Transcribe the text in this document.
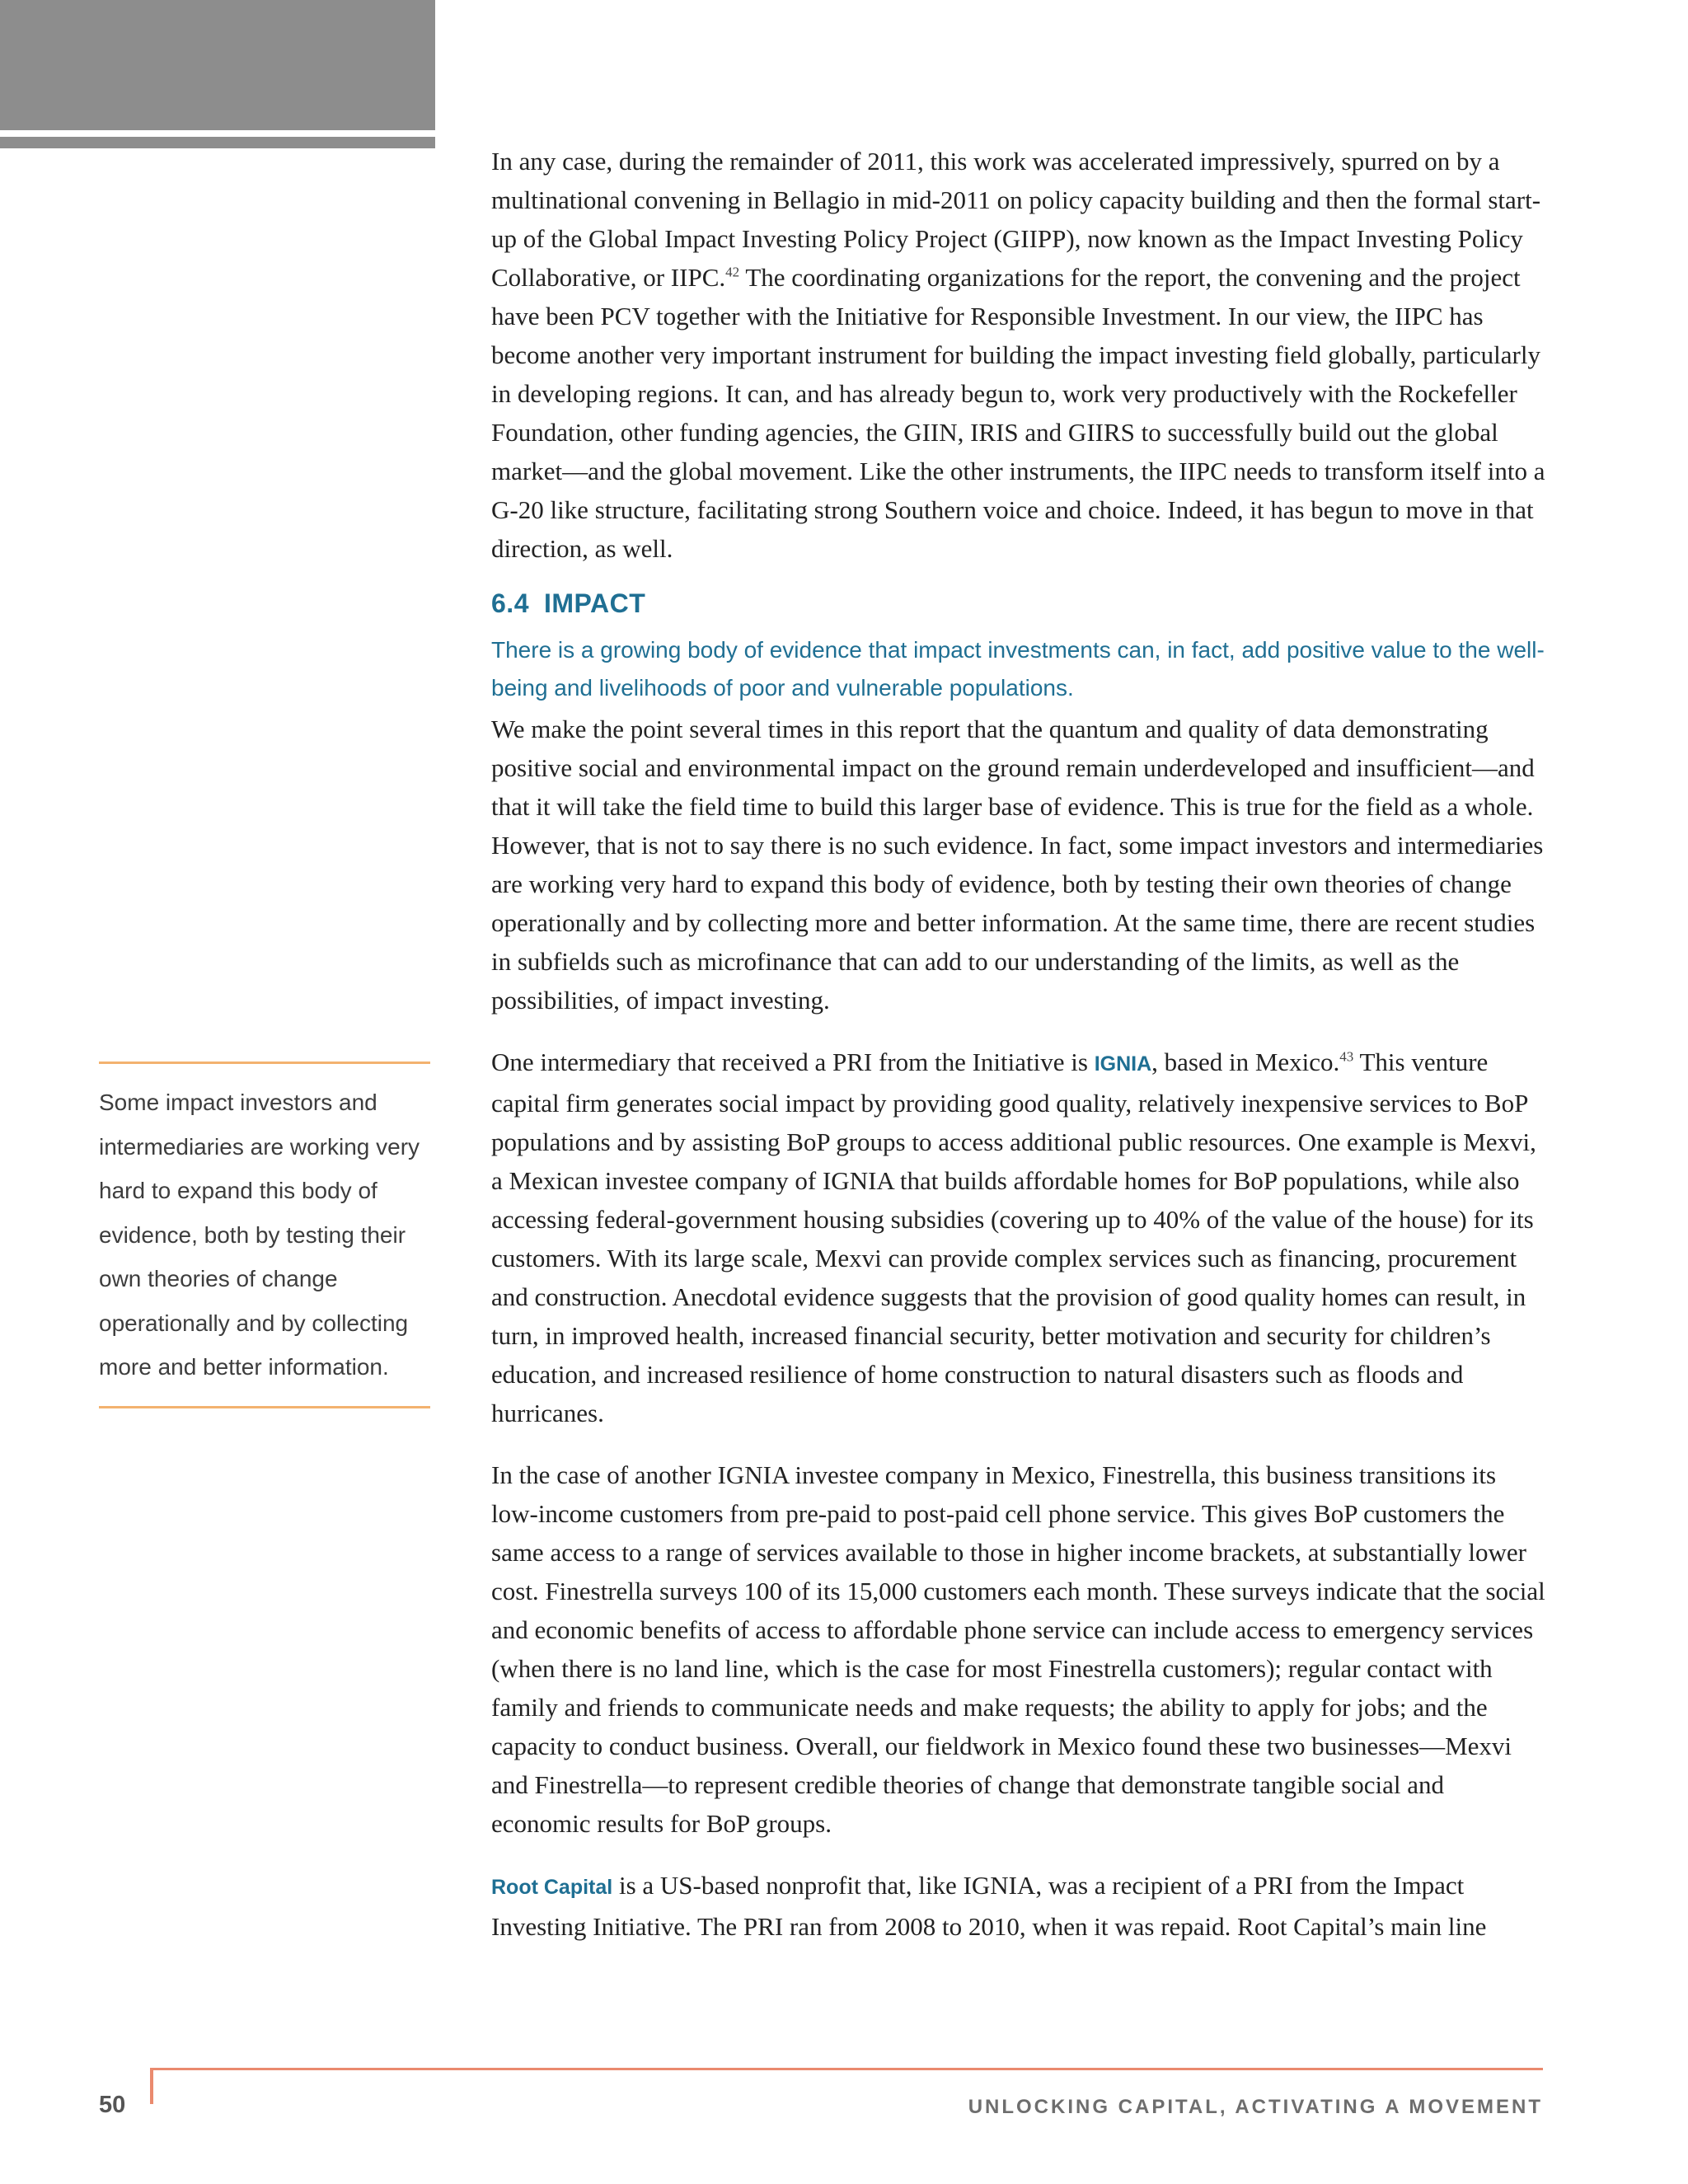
In any case, during the remainder of 2011, this work was accelerated impressively, spurred on by a multinational convening in Bellagio in mid-2011 on policy capacity building and then the formal start-up of the Global Impact Investing Policy Project (GIIPP), now known as the Impact Investing Policy Collaborative, or IIPC.$^{42}$ The coordinating organizations for the report, the convening and the project have been PCV together with the Initiative for Responsible Investment. In our view, the IIPC has become another very important instrument for building the impact investing field globally, particularly in developing regions. It can, and has already begun to, work very productively with the Rockefeller Foundation, other funding agencies, the GIIN, IRIS and GIIRS to successfully build out the global market—and the global movement. Like the other instruments, the IIPC needs to transform itself into a G-20 like structure, facilitating strong Southern voice and choice. Indeed, it has begun to move in that direction, as well.

6.4 IMPACT
There is a growing body of evidence that impact investments can, in fact, add positive value to the well-being and livelihoods of poor and vulnerable populations.

We make the point several times in this report that the quantum and quality of data demonstrating positive social and environmental impact on the ground remain underdeveloped and insufficient—and that it will take the field time to build this larger base of evidence. This is true for the field as a whole. However, that is not to say there is no such evidence. In fact, some impact investors and intermediaries are working very hard to expand this body of evidence, both by testing their own theories of change operationally and by collecting more and better information. At the same time, there are recent studies in subfields such as microfinance that can add to our understanding of the limits, as well as the possibilities, of impact investing.

One intermediary that received a PRI from the Initiative is IGNIA, based in Mexico.$^{43}$ This venture capital firm generates social impact by providing good quality, relatively inexpensive services to BoP populations and by assisting BoP groups to access additional public resources. One example is Mexvi, a Mexican investee company of IGNIA that builds affordable homes for BoP populations, while also accessing federal-government housing subsidies (covering up to 40% of the value of the house) for its customers. With its large scale, Mexvi can provide complex services such as financing, procurement and construction. Anecdotal evidence suggests that the provision of good quality homes can result, in turn, in improved health, increased financial security, better motivation and security for children’s education, and increased resilience of home construction to natural disasters such as floods and hurricanes.

In the case of another IGNIA investee company in Mexico, Finestrella, this business transitions its low-income customers from pre-paid to post-paid cell phone service. This gives BoP customers the same access to a range of services available to those in higher income brackets, at substantially lower cost. Finestrella surveys 100 of its 15,000 customers each month. These surveys indicate that the social and economic benefits of access to affordable phone service can include access to emergency services (when there is no land line, which is the case for most Finestrella customers); regular contact with family and friends to communicate needs and make requests; the ability to apply for jobs; and the capacity to conduct business. Overall, our fieldwork in Mexico found these two businesses—Mexvi and Finestrella—to represent credible theories of change that demonstrate tangible social and economic results for BoP groups.

Root Capital is a US-based nonprofit that, like IGNIA, was a recipient of a PRI from the Impact Investing Initiative. The PRI ran from 2008 to 2010, when it was repaid. Root Capital’s main line

Some impact investors and intermediaries are working very hard to expand this body of evidence, both by testing their own theories of change operationally and by collecting more and better information.

50	UNLOCKING CAPITAL, ACTIVATING A MOVEMENT
